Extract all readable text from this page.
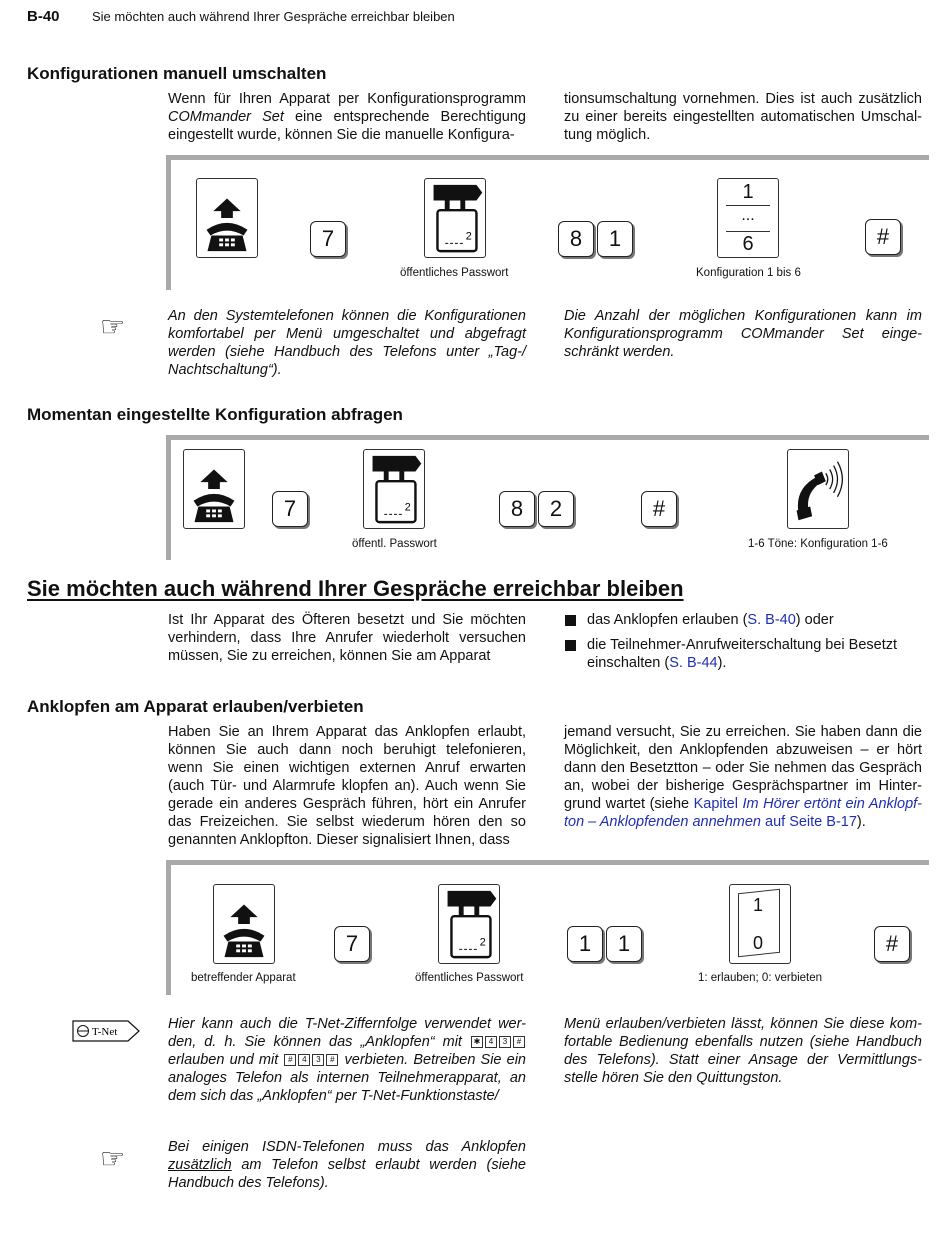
B-40 Sie möchten auch während Ihrer Gespräche erreichbar bleiben
Konfigurationen manuell umschalten
Wenn für Ihren Apparat per Konfigurationsprogramm COMmander Set eine entsprechende Berechtigung eingestellt wurde, können Sie die manuelle Konfigura-
tionsumschaltung vornehmen. Dies ist auch zusätzlich zu einer bereits eingestellten automatischen Umschal-tung möglich.
7	8	1
1
...
6	#
öffentliches Passwort	Konfiguration 1 bis 6
☞	An den Systemtelefonen können die Konfigurationen komfortabel per Menü umgeschaltet und abgefragt werden (siehe Handbuch des Telefons unter „Tag-/ Nachtschaltung“).
Die Anzahl der möglichen Konfigurationen kann im Konfigurationsprogramm COMmander Set einge-schränkt werden.
Momentan eingestellte Konfiguration abfragen
7	8	2	#
öffentl. Passwort	1-6 Töne: Konfiguration 1-6
Sie möchten auch während Ihrer Gespräche erreichbar bleiben
Ist Ihr Apparat des Öfteren besetzt und Sie möchten verhindern, dass Ihre Anrufer wiederholt versuchen müssen, Sie zu erreichen, können Sie am Apparat
das Anklopfen erlauben (S. B-40) oder
die Teilnehmer-Anrufweiterschaltung bei Besetzt einschalten (S. B-44).
Anklopfen am Apparat erlauben/verbieten
Haben Sie an Ihrem Apparat das Anklopfen erlaubt, können Sie auch dann noch beruhigt telefonieren, wenn Sie einen wichtigen externen Anruf erwarten (auch Tür- und Alarmrufe klopfen an). Auch wenn Sie gerade ein anderes Gespräch führen, hört ein Anrufer das Freizeichen. Sie selbst wiederum hören den so genannten Anklopfton. Dieser signalisiert Ihnen, dass
jemand versucht, Sie zu erreichen. Sie haben dann die Möglichkeit, den Anklopfenden abzuweisen – er hört dann den Besetztton – oder Sie nehmen das Gespräch an, wobei der bisherige Gesprächspartner im Hinter-grund wartet (siehe Kapitel Im Hörer ertönt ein Anklopf-ton – Anklopfenden annehmen auf Seite B-17).
7	1	1
1
0	#
betreffender Apparat	öffentliches Passwort	1: erlauben; 0: verbieten
T-Net	Hier kann auch die T-Net-Ziffernfolge verwendet wer-den, d. h. Sie können das „Anklopfen“ mit ✱ 4 3 # erlauben und mit # 4 3 # verbieten. Betreiben Sie ein analoges Telefon als internen Teilnehmerapparat, an dem sich das „Anklopfen“ per T-Net-Funktionstaste/
Menü erlauben/verbieten lässt, können Sie diese kom-fortable Bedienung ebenfalls nutzen (siehe Handbuch des Telefons). Statt einer Ansage der Vermittlungs-stelle hören Sie den Quittungston.
☞	Bei einigen ISDN-Telefonen muss das Anklopfen zusätzlich am Telefon selbst erlaubt werden (siehe Handbuch des Telefons).
